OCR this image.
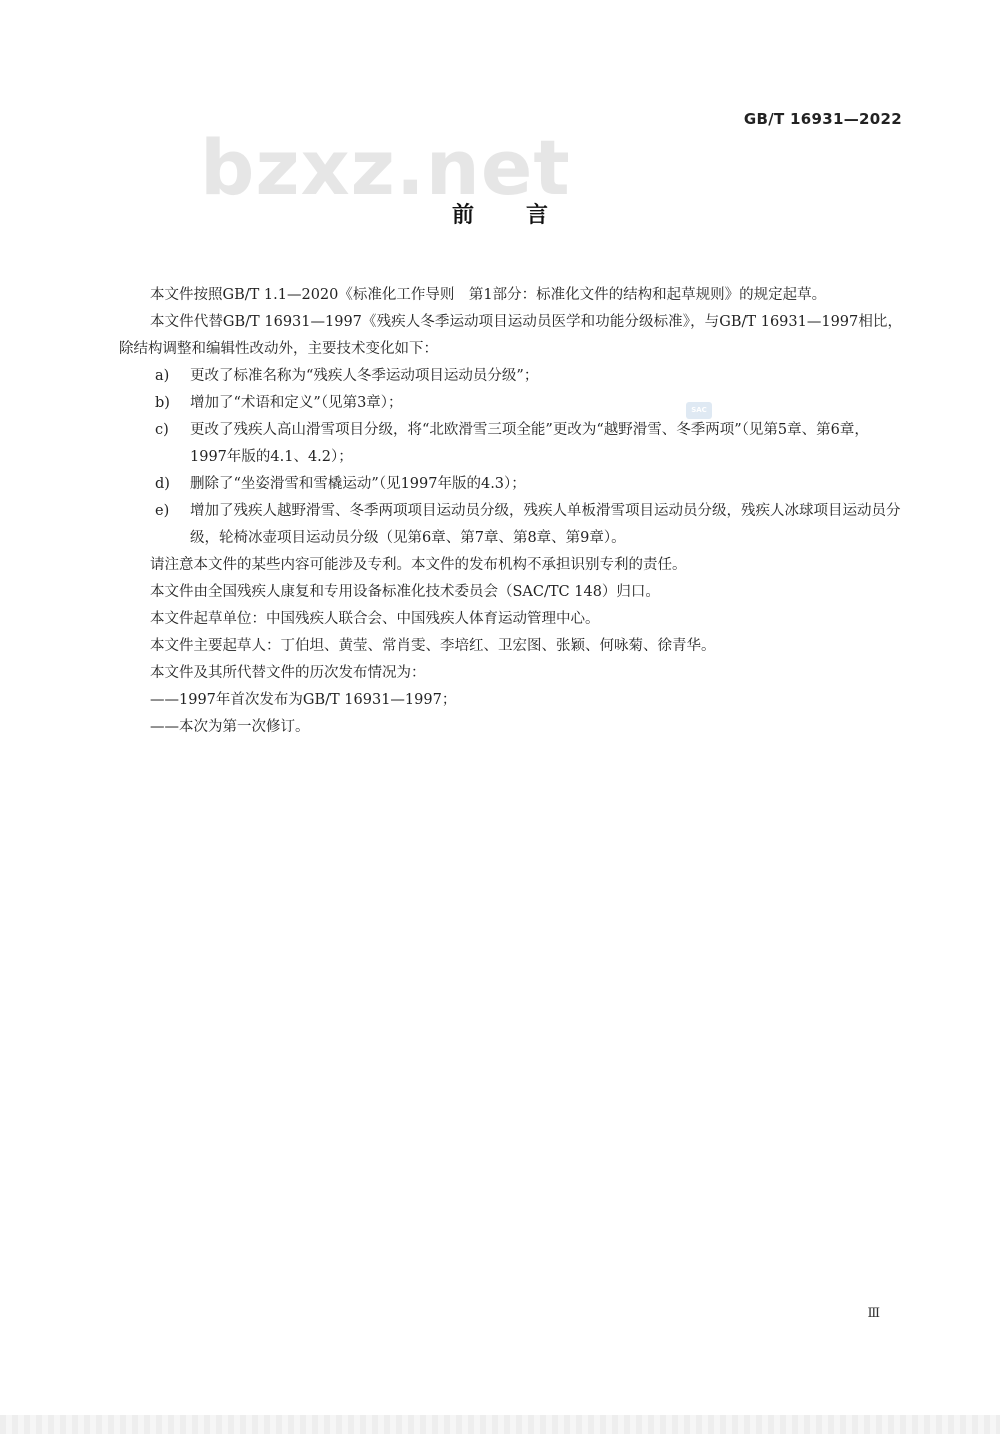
GB/T 16931—2022
bzxz.net
前言
SAC

本文件按照GB/T 1.1—2020《标准化工作导则　第1部分：标准化文件的结构和起草规则》的规定起草。

本文件代替GB/T 16931—1997《残疾人冬季运动项目运动员医学和功能分级标准》，与GB/T 16931—1997相比，除结构调整和编辑性改动外，主要技术变化如下：

a) 更改了标准名称为“残疾人冬季运动项目运动员分级”；
b) 增加了“术语和定义”（见第3章）；
c) 更改了残疾人高山滑雪项目分级，将“北欧滑雪三项全能”更改为“越野滑雪、冬季两项”（见第5章、第6章，1997年版的4.1、4.2）；
d) 删除了“坐姿滑雪和雪橇运动”（见1997年版的4.3）；
e) 增加了残疾人越野滑雪、冬季两项项目运动员分级，残疾人单板滑雪项目运动员分级，残疾人冰球项目运动员分级，轮椅冰壶项目运动员分级（见第6章、第7章、第8章、第9章）。

请注意本文件的某些内容可能涉及专利。本文件的发布机构不承担识别专利的责任。

本文件由全国残疾人康复和专用设备标准化技术委员会（SAC/TC 148）归口。

本文件起草单位：中国残疾人联合会、中国残疾人体育运动管理中心。

本文件主要起草人：丁伯坦、黄莹、常肖雯、李培红、卫宏图、张颖、何咏菊、徐青华。

本文件及其所代替文件的历次发布情况为：

——1997年首次发布为GB/T 16931—1997；

——本次为第一次修订。

Ⅲ
